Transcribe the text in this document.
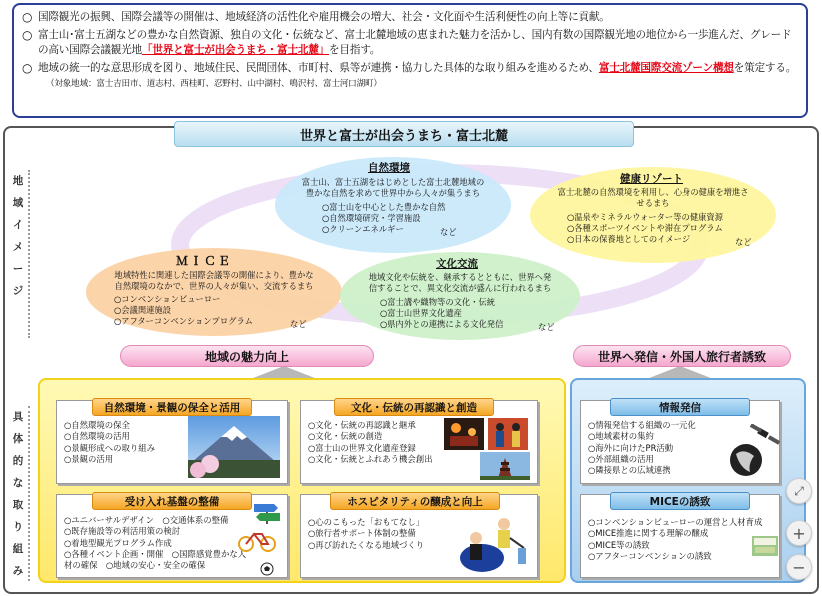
○ 国際観光の振興、国際会議等の開催は、地域経済の活性化や雇用機会の増大、社会・文化面や生活利便性の向上等に貢献。
○ 富士山･富士五湖などの豊かな自然資源、独自の文化・伝統など、富士北麓地域の恵まれた魅力を活かし、国内有数の国際観光地の地位から一歩進んだ、グレードの高い国際会議観光地「世界と富士が出会うまち・富士北麓」を目指す。
○ 地域の統一的な意思形成を図り、地域住民、民間団体、市町村、県等が連携・協力した具体的な取り組みを進めるため、富士北麓国際交流ゾーン構想を策定する。（対象地域：富士吉田市、道志村、西桂町、忍野村、山中湖村、鳴沢村、富士河口湖町）
世界と富士が出会うまち・富士北麓
地
域
イ
メ
ー
ジ
具
体
的
な
取
り
組
み
自然環境
富士山、富士五湖をはじめとした富士北麓地域の
豊かな自然を求めて世界中から人々が集うまち
○富士山を中心とした豊かな自然
○自然環境研究・学習施設
○クリーンエネルギー	など
健康リゾート
富士北麓の自然環境を利用し、心身の健康を増進さ
せるまち
○温泉やミネラルウォーター等の健康資源
○各種スポーツイベントや滞在プログラム
○日本の保養地としてのイメージ	など
ＭＩＣＥ
地域特性に関連した国際会議等の開催により、豊かな
自然環境のなかで、世界の人々が集い、交流するまち
○コンベンションビューロー
○会議関連施設
○アフターコンベンションプログラム	など
文化交流
地域文化や伝統を、継承するとともに、世界へ発
信することで、異文化交流が盛んに行われるまち
○富士講や織物等の文化・伝統
○富士山世界文化遺産
○県内外との連携による文化発信	など
地域の魅力向上	世界へ発信・外国人旅行者誘致
自然環境・景観の保全と活用
○自然環境の保全
○自然環境の活用
○景観形成への取り組み
○景観の活用
文化・伝統の再認識と創造
○文化・伝統の再認識と継承
○文化・伝統の創造
○富士山の世界文化遺産登録
○文化・伝統とふれあう機会創出
受け入れ基盤の整備
○ユニバーサルデザイン　○交通体系の整備
○既存施設等の利活用策の検討
○着地型観光プログラム作成
○各種イベント企画・開催　○国際感覚豊かな人
材の確保　○地域の安心・安全の確保
ホスピタリティの醸成と向上
○心のこもった「おもてなし」
○旅行者サポート体制の整備
○再び訪れたくなる地域づくり
情報発信
○情報発信する組織の一元化
○地域素材の集約
○海外に向けたPR活動
○外部組織の活用
○隣接県との広域連携
MICEの誘致
○コンベンションビューローの運営と人材育成
○MICE推進に関する理解の醸成
○MICE等の誘致
○アフターコンベンションの誘致
⤢
+
−
